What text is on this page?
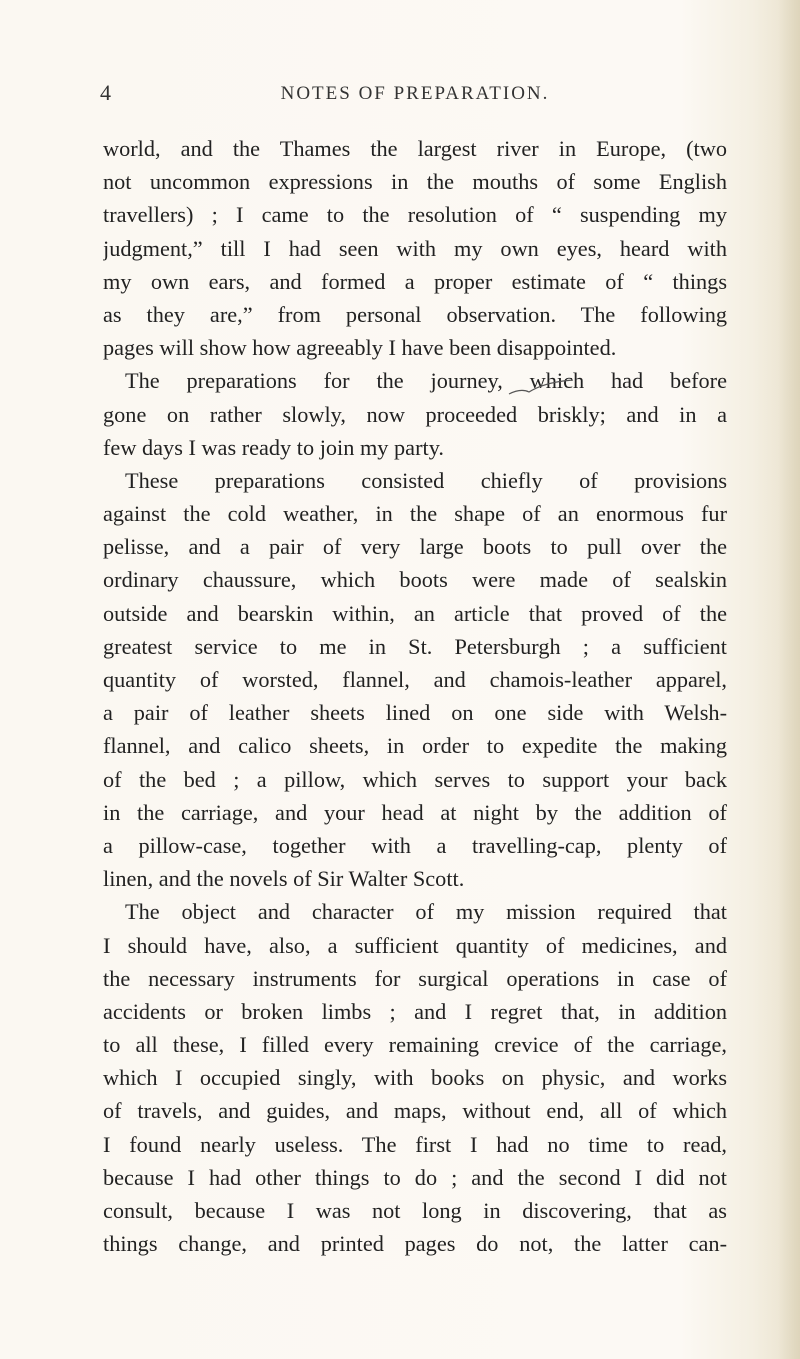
4	NOTES OF PREPARATION.
world, and the Thames the largest river in Europe, (two
not uncommon expressions in the mouths of some English
travellers) ; I came to the resolution of “ suspending my
judgment,” till I had seen with my own eyes, heard with
my own ears, and formed a proper estimate of “ things
as they are,” from personal observation. The following
pages will show how agreeably I have been disappointed.
The preparations for the journey, which had before
gone on rather slowly, now proceeded briskly; and in a
few days I was ready to join my party.
These preparations consisted chiefly of provisions
against the cold weather, in the shape of an enormous fur
pelisse, and a pair of very large boots to pull over the
ordinary chaussure, which boots were made of sealskin
outside and bearskin within, an article that proved of the
greatest service to me in St. Petersburgh ; a sufficient
quantity of worsted, flannel, and chamois-leather apparel,
a pair of leather sheets lined on one side with Welsh-
flannel, and calico sheets, in order to expedite the making
of the bed ; a pillow, which serves to support your back
in the carriage, and your head at night by the addition of
a pillow-case, together with a travelling-cap, plenty of
linen, and the novels of Sir Walter Scott.
The object and character of my mission required that
I should have, also, a sufficient quantity of medicines, and
the necessary instruments for surgical operations in case of
accidents or broken limbs ; and I regret that, in addition
to all these, I filled every remaining crevice of the carriage,
which I occupied singly, with books on physic, and works
of travels, and guides, and maps, without end, all of which
I found nearly useless. The first I had no time to read,
because I had other things to do ; and the second I did not
consult, because I was not long in discovering, that as
things change, and printed pages do not, the latter can-
